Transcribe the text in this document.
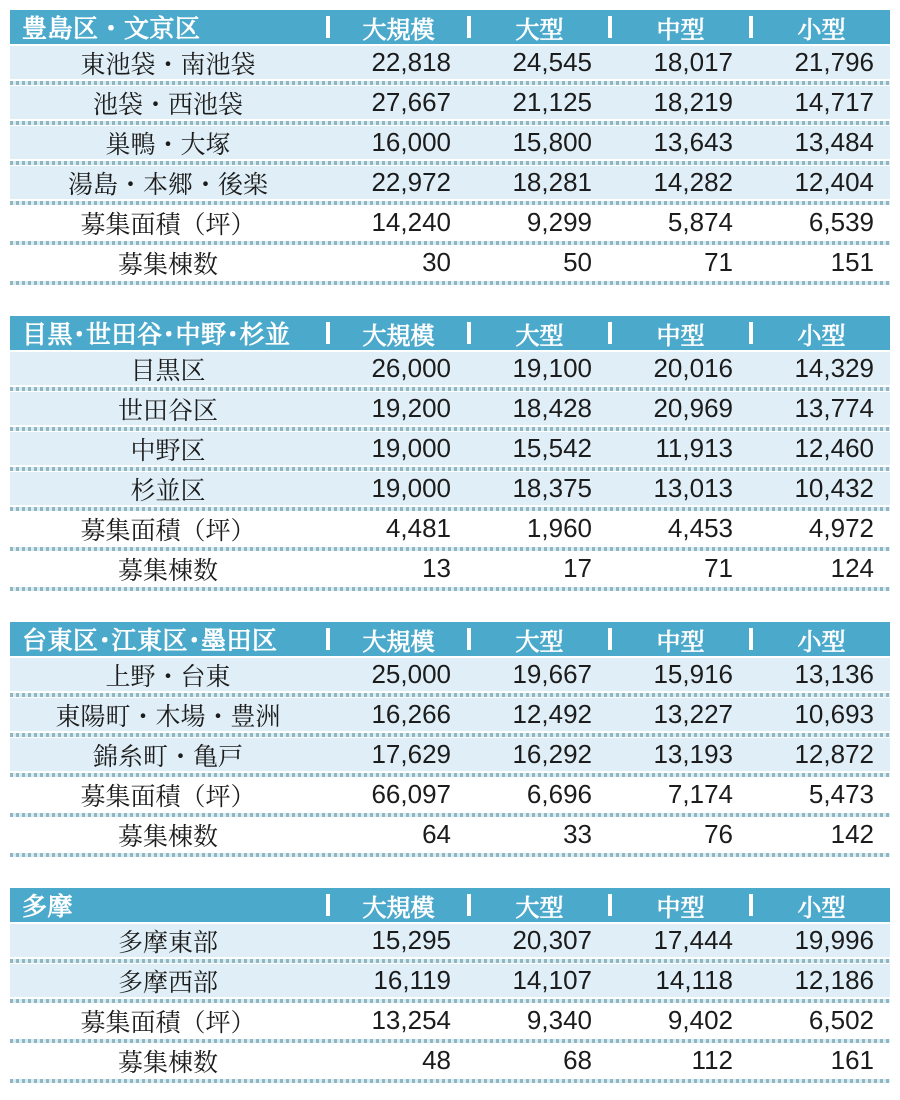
豊島区・文京区	大規模	大型	中型	小型
東池袋・南池袋	22,818	24,545	18,017	21,796
池袋・西池袋	27,667	21,125	18,219	14,717
巣鴨・大塚	16,000	15,800	13,643	13,484
湯島・本郷・後楽	22,972	18,281	14,282	12,404
募集面積（坪）	14,240	9,299	5,874	6,539
募集棟数	30	50	71	151
目黒･世田谷･中野･杉並	大規模	大型	中型	小型
目黒区	26,000	19,100	20,016	14,329
世田谷区	19,200	18,428	20,969	13,774
中野区	19,000	15,542	11,913	12,460
杉並区	19,000	18,375	13,013	10,432
募集面積（坪）	4,481	1,960	4,453	4,972
募集棟数	13	17	71	124
台東区･江東区･墨田区	大規模	大型	中型	小型
上野・台東	25,000	19,667	15,916	13,136
東陽町・木場・豊洲	16,266	12,492	13,227	10,693
錦糸町・亀戸	17,629	16,292	13,193	12,872
募集面積（坪）	66,097	6,696	7,174	5,473
募集棟数	64	33	76	142
多摩	大規模	大型	中型	小型
多摩東部	15,295	20,307	17,444	19,996
多摩西部	16,119	14,107	14,118	12,186
募集面積（坪）	13,254	9,340	9,402	6,502
募集棟数	48	68	112	161
